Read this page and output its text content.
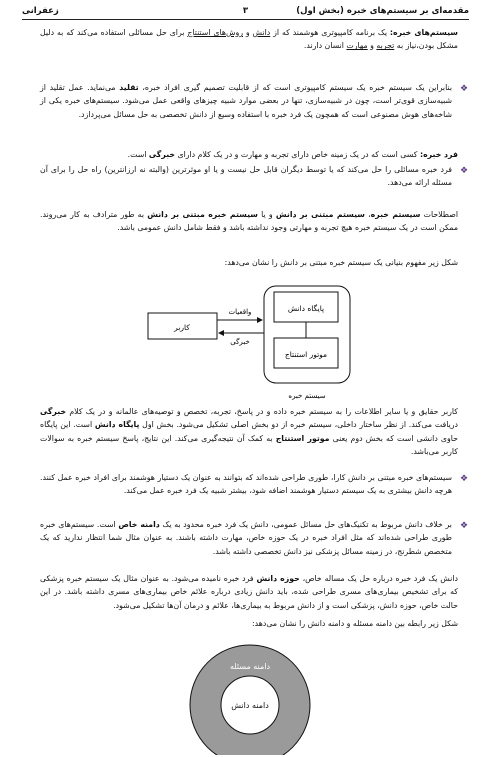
مقدمه‌ای بر سیستم‌های خبره (بخش اول)
۳
زعفرانی
سیستم‌های خبره: یک برنامه کامپیوتری هوشمند که از دانش و روش‌های استنتاج برای حل مسائلی استفاده می‌کند که به دلیل مشکل بودن،نیاز به تجربه و مهارت انسان دارند.
❖
بنابراین یک سیستم خبره یک سیستم کامپیوتری است که از قابلیت تصمیم گیری افراد خبره، تقلید می‌نماید. عمل تقلید از شبیه‌سازی قوی‌تر است، چون در شبیه‌سازی، تنها در بعضی موارد شبیه چیزهای واقعی عمل می‌شود. سیستم‌های خبره یکی از شاخه‌های هوش مصنوعی است که همچون یک فرد خبره با استفاده وسیع از دانش تخصصی به حل مسائل می‌پردازد.
فرد خبره: کسی است که در یک زمینه خاص دارای تجربه و مهارت و در یک کلام دارای خبرگی است.
❖
فرد خبره مسائلی را حل می‌کند که یا توسط دیگران قابل حل نیست و یا او موثرترین (والبته نه ارزانترین) راه حل را برای آن مسئله ارائه می‌دهد.
اصطلاحات سیستم خبره، سیستم مبتنی بر دانش و یا سیستم خبره مبتنی بر دانش به طور مترادف به کار می‌روند. ممکن است در یک سیستم خبره هیچ تجربه و مهارتی وجود نداشته باشد و فقط شامل دانش عمومی باشد.
شکل زیر مفهوم بنیانی یک سیستم خبره مبتنی بر دانش را نشان می‌دهد:
پایگاه دانش
موتور استنتاج
کاربر
واقعیات
خبرگی
سیستم خبره
کاربر حقایق و یا سایر اطلاعات را به سیستم خبره داده و در پاسخ، تجربه، تخصص و توصیه‌های عالمانه و در یک کلام خبرگی دریافت می‌کند. از نظر ساختار داخلی، سیستم خبره از دو بخش اصلی تشکیل می‌شود. بخش اول پایگاه دانش است. این پایگاه حاوی دانشی است که بخش دوم یعنی موتور استنتاج به کمک آن نتیجه‌گیری می‌کند. این نتایج، پاسخ سیستم خبره به سوالات کاربر می‌باشد.
❖
سیستم‌های خبره مبتنی بر دانش کارا، طوری طراحی شده‌اند که بتوانند به عنوان یک دستیار هوشمند برای افراد خبره عمل کنند. هرچه دانش بیشتری به یک سیستم دستیار هوشمند اضافه شود، بیشتر شبیه یک فرد خبره عمل می‌کند.
❖
بر خلاف دانش مربوط به تکنیک‌های حل مسائل عمومی، دانش یک فرد خبره محدود به یک دامنه خاص است. سیستم‌های خبره طوری طراحی شده‌اند که مثل افراد خبره در یک حوزه خاص، مهارت داشته باشند. به عنوان مثال شما انتظار ندارید که یک متخصص شطرنج، در زمینه مسائل پزشکی نیز دانش تخصصی داشته باشد.
دانش یک فرد خبره درباره حل یک مساله خاص، حوزه دانش فرد خبره نامیده می‌شود. به عنوان مثال یک سیستم خبره پزشکی که برای تشخیص بیماری‌های مسری طراحی شده، باید دانش زیادی درباره علائم خاص بیماری‌های مسری داشته باشد. در این حالت خاص، حوزه دانش، پزشکی است و از دانش مربوط به بیماری‌ها، علائم و درمان آن‌ها تشکیل می‌شود.
شکل زیر رابطه بین دامنه مسئله و دامنه دانش را نشان می‌دهد:
دامنه مسئله
دامنه دانش
